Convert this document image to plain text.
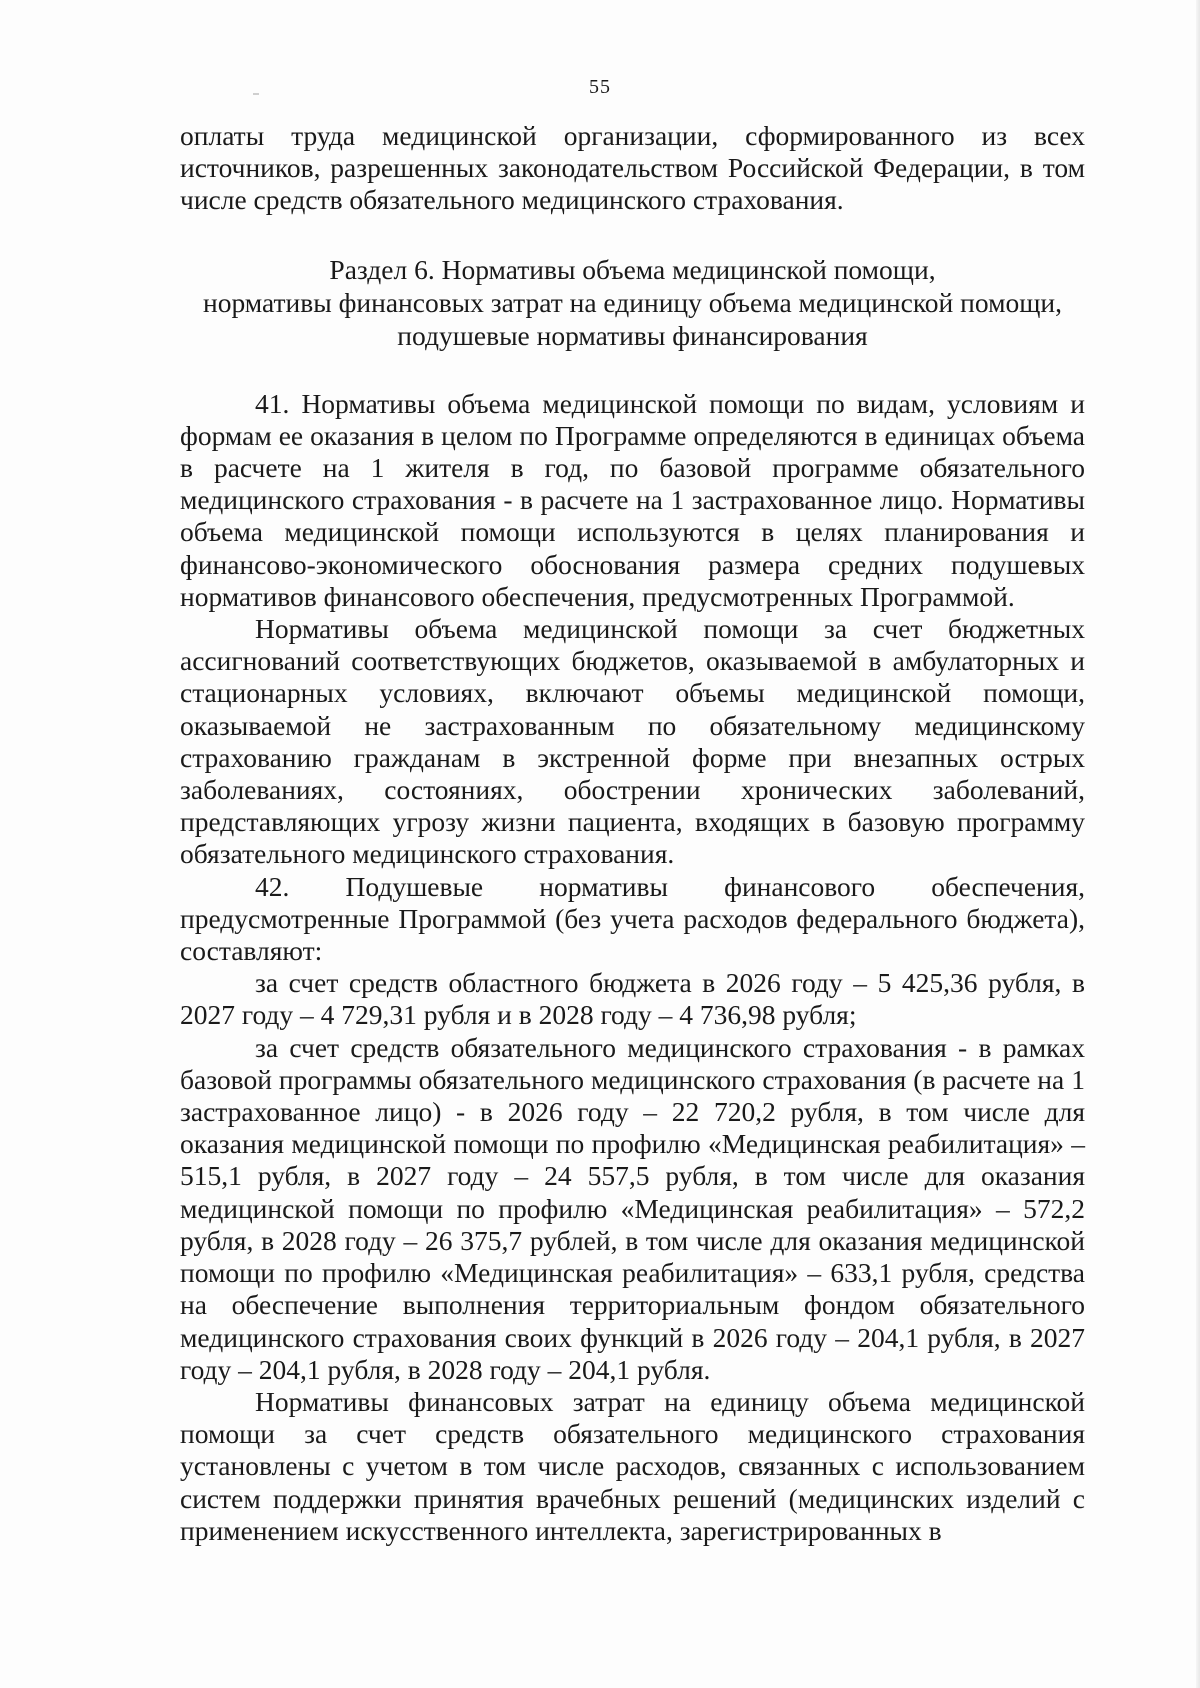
55

оплаты труда медицинской организации, сформированного из всех источников, разрешенных законодательством Российской Федерации, в том числе средств обязательного медицинского страхования.

Раздел 6. Нормативы объема медицинской помощи,
нормативы финансовых затрат на единицу объема медицинской помощи,
подушевые нормативы финансирования

41. Нормативы объема медицинской помощи по видам, условиям и формам ее оказания в целом по Программе определяются в единицах объема в расчете на 1 жителя в год, по базовой программе обязательного медицинского страхования - в расчете на 1 застрахованное лицо. Нормативы объема медицинской помощи используются в целях планирования и финансово-экономического обоснования размера средних подушевых нормативов финансового обеспечения, предусмотренных Программой.

Нормативы объема медицинской помощи за счет бюджетных ассигнований соответствующих бюджетов, оказываемой в амбулаторных и стационарных условиях, включают объемы медицинской помощи, оказываемой не застрахованным по обязательному медицинскому страхованию гражданам в экстренной форме при внезапных острых заболеваниях, состояниях, обострении хронических заболеваний, представляющих угрозу жизни пациента, входящих в базовую программу обязательного медицинского страхования.

42. Подушевые нормативы финансового обеспечения, предусмотренные Программой (без учета расходов федерального бюджета), составляют:

за счет средств областного бюджета в 2026 году – 5 425,36 рубля, в 2027 году – 4 729,31 рубля и в 2028 году – 4 736,98 рубля;

за счет средств обязательного медицинского страхования - в рамках базовой программы обязательного медицинского страхования (в расчете на 1 застрахованное лицо) - в 2026 году – 22 720,2 рубля, в том числе для оказания медицинской помощи по профилю «Медицинская реабилитация» – 515,1 рубля, в 2027 году – 24 557,5 рубля, в том числе для оказания медицинской помощи по профилю «Медицинская реабилитация» – 572,2 рубля, в 2028 году – 26 375,7 рублей, в том числе для оказания медицинской помощи по профилю «Медицинская реабилитация» – 633,1 рубля, средства на обеспечение выполнения территориальным фондом обязательного медицинского страхования своих функций в 2026 году – 204,1 рубля, в 2027 году – 204,1 рубля, в 2028 году – 204,1 рубля.

Нормативы финансовых затрат на единицу объема медицинской помощи за счет средств обязательного медицинского страхования установлены с учетом в том числе расходов, связанных с использованием систем поддержки принятия врачебных решений (медицинских изделий с применением искусственного интеллекта, зарегистрированных в
